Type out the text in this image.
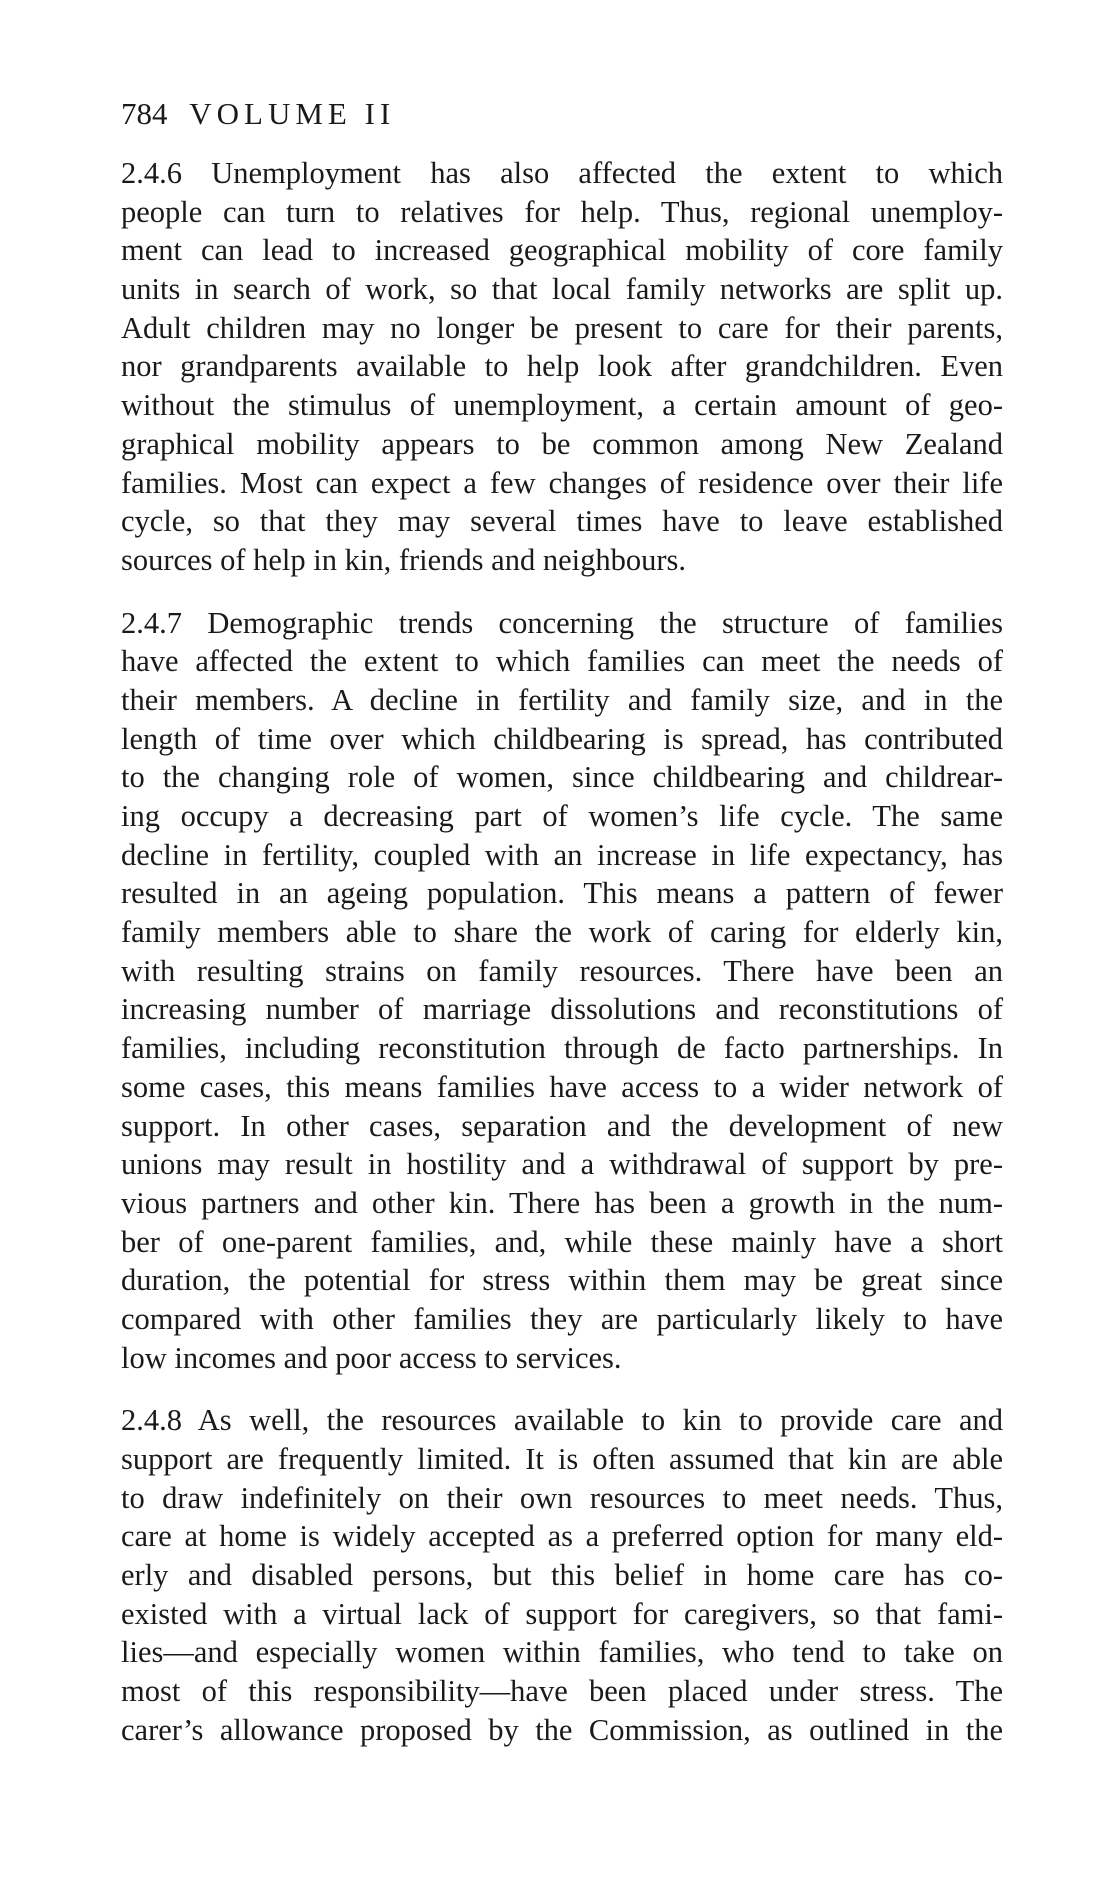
784 VOLUME II
2.4.6 Unemployment has also affected the extent to which
people can turn to relatives for help. Thus, regional unemploy-
ment can lead to increased geographical mobility of core family
units in search of work, so that local family networks are split up.
Adult children may no longer be present to care for their parents,
nor grandparents available to help look after grandchildren. Even
without the stimulus of unemployment, a certain amount of geo-
graphical mobility appears to be common among New Zealand
families. Most can expect a few changes of residence over their life
cycle, so that they may several times have to leave established
sources of help in kin, friends and neighbours.
2.4.7 Demographic trends concerning the structure of families
have affected the extent to which families can meet the needs of
their members. A decline in fertility and family size, and in the
length of time over which childbearing is spread, has contributed
to the changing role of women, since childbearing and childrear-
ing occupy a decreasing part of women’s life cycle. The same
decline in fertility, coupled with an increase in life expectancy, has
resulted in an ageing population. This means a pattern of fewer
family members able to share the work of caring for elderly kin,
with resulting strains on family resources. There have been an
increasing number of marriage dissolutions and reconstitutions of
families, including reconstitution through de facto partnerships. In
some cases, this means families have access to a wider network of
support. In other cases, separation and the development of new
unions may result in hostility and a withdrawal of support by pre-
vious partners and other kin. There has been a growth in the num-
ber of one-parent families, and, while these mainly have a short
duration, the potential for stress within them may be great since
compared with other families they are particularly likely to have
low incomes and poor access to services.
2.4.8 As well, the resources available to kin to provide care and
support are frequently limited. It is often assumed that kin are able
to draw indefinitely on their own resources to meet needs. Thus,
care at home is widely accepted as a preferred option for many eld-
erly and disabled persons, but this belief in home care has co-
existed with a virtual lack of support for caregivers, so that fami-
lies—and especially women within families, who tend to take on
most of this responsibility—have been placed under stress. The
carer’s allowance proposed by the Commission, as outlined in the
